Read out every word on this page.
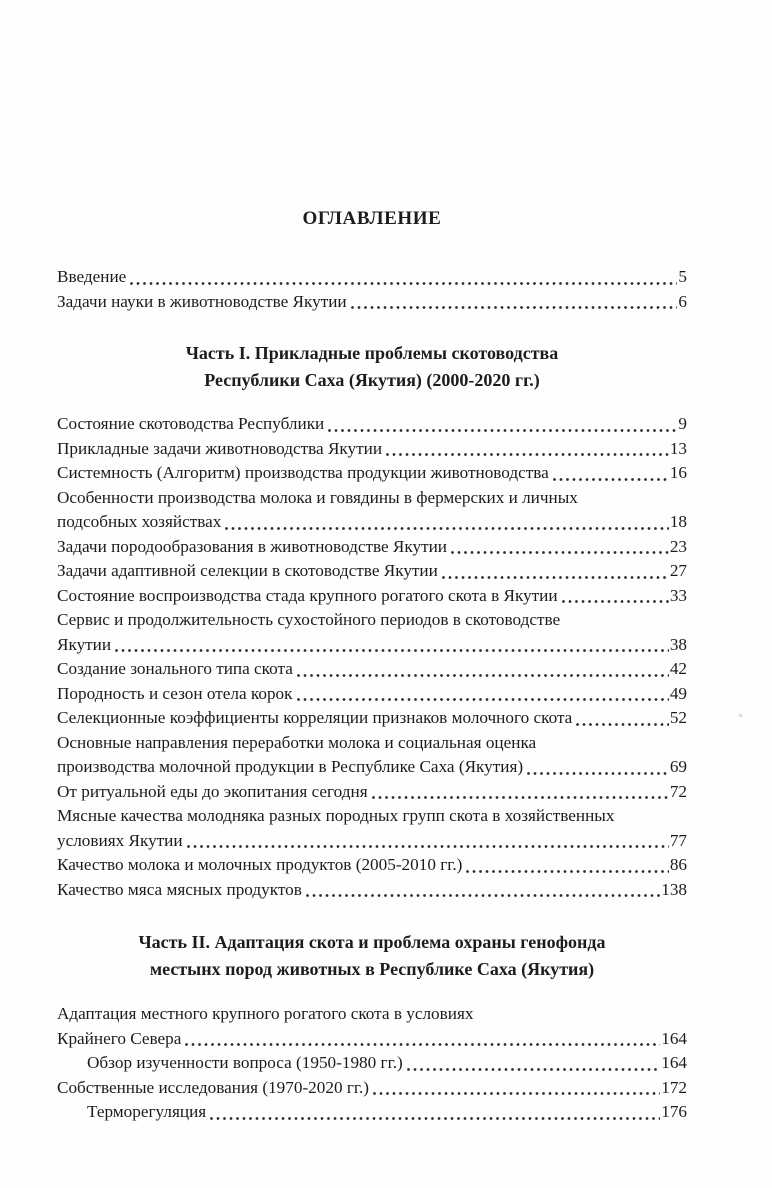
ОГЛАВЛЕНИЕ
Введение	5
Задачи науки в животноводстве Якутии	6
Часть I. Прикладные проблемы скотоводства
Республики Саха (Якутия) (2000-2020 гг.)
Состояние скотоводства Республики	9
Прикладные задачи животноводства Якутии	13
Системность (Алгоритм) производства продукции животноводства	16
Особенности производства молока и говядины в фермерских и личных
подсобных хозяйствах	18
Задачи породообразования в животноводстве Якутии	23
Задачи адаптивной селекции в скотоводстве Якутии	27
Состояние воспроизводства стада крупного рогатого скота в Якутии	33
Сервис и продолжительность сухостойного периодов в скотоводстве
Якутии	38
Создание зонального типа скота	42
Породность и сезон отела корок	49
Селекционные коэффициенты корреляции признаков молочного скота	52
Основные направления переработки молока и социальная оценка
производства молочной продукции в Республике Саха (Якутия)	69
От ритуальной еды до экопитания сегодня	72
Мясные качества молодняка разных породных групп скота в хозяйственных
условиях Якутии	77
Качество молока и молочных продуктов (2005-2010 гг.)	86
Качество мяса мясных продуктов	138
Часть II. Адаптация скота и проблема охраны генофонда
местынх пород животных в Республике Саха (Якутия)
Адаптация местного крупного рогатого скота в условиях
Крайнего Севера	164
Обзор изученности вопроса (1950-1980 гг.)	164
Собственные исследования (1970-2020 гг.)	172
Терморегуляция	176
